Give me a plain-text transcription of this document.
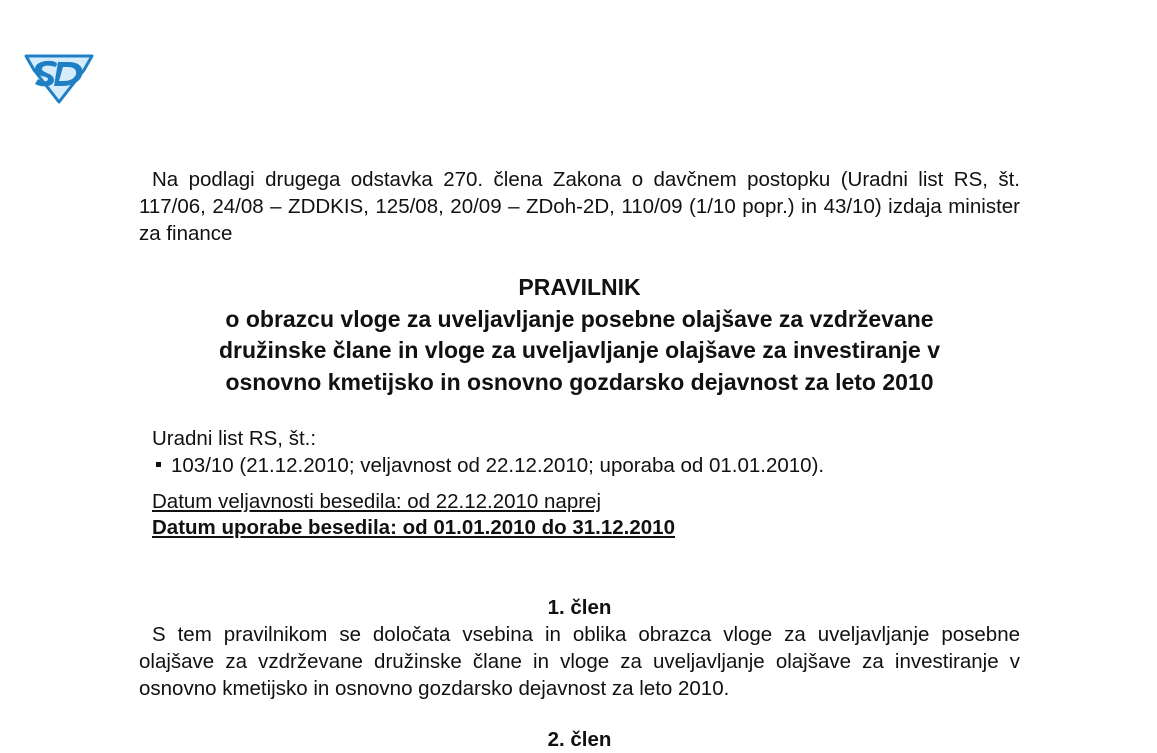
Na podlagi drugega odstavka 270. člena Zakona o davčnem postopku (Uradni list RS, št. 117/06, 24/08 – ZDDKIS, 125/08, 20/09 – ZDoh-2D, 110/09 (1/10 popr.) in 43/10) izdaja minister za finance

PRAVILNIK
o obrazcu vloge za uveljavljanje posebne olajšave za vzdrževane
družinske člane in vloge za uveljavljanje olajšave za investiranje v
osnovno kmetijsko in osnovno gozdarsko dejavnost za leto 2010
Uradni list RS, št.:
103/10 (21.12.2010; veljavnost od 22.12.2010; uporaba od 01.01.2010).
Datum veljavnosti besedila: od 22.12.2010 naprej
Datum uporabe besedila: od 01.01.2010 do 31.12.2010
1. člen

S tem pravilnikom se določata vsebina in oblika obrazca vloge za uveljavljanje posebne olajšave za vzdrževane družinske člane in vloge za uveljavljanje olajšave za investiranje v osnovno kmetijsko in osnovno gozdarsko dejavnost za leto 2010.

2. člen
